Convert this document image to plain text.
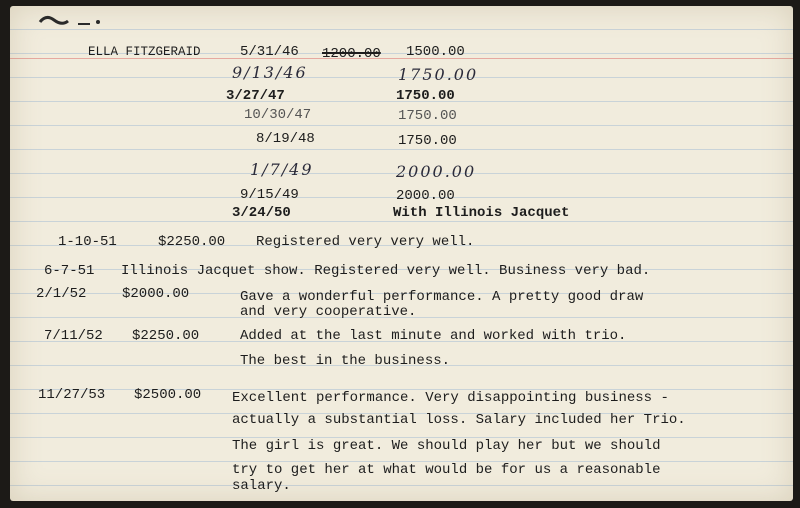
ELLA FITZGERAID	5/31/46 1200.00 1500.00
9/13/46	1750.00
3/27/47	1750.00
10/30/47	1750.00
8/19/48	1750.00
1/7/49	2000.00
9/15/49	2000.00
3/24/50	With Illinois Jacquet
1-10-51	$2250.00 Registered very very well.
6-7-51 Illinois Jacquet show. Registered very well. Business very bad.
2/1/52	$2000.00	Gave a wonderful performance. A pretty good draw
and very cooperative.
7/11/52 $2250.00	Added at the last minute and worked with trio.
The best in the business.
11/27/53 $2500.00 Excellent performance. Very disappointing business -
actually a substantial loss. Salary included her Trio.
The girl is great. We should play her but we should
try to get her at what would be for us a reasonable
salary.
